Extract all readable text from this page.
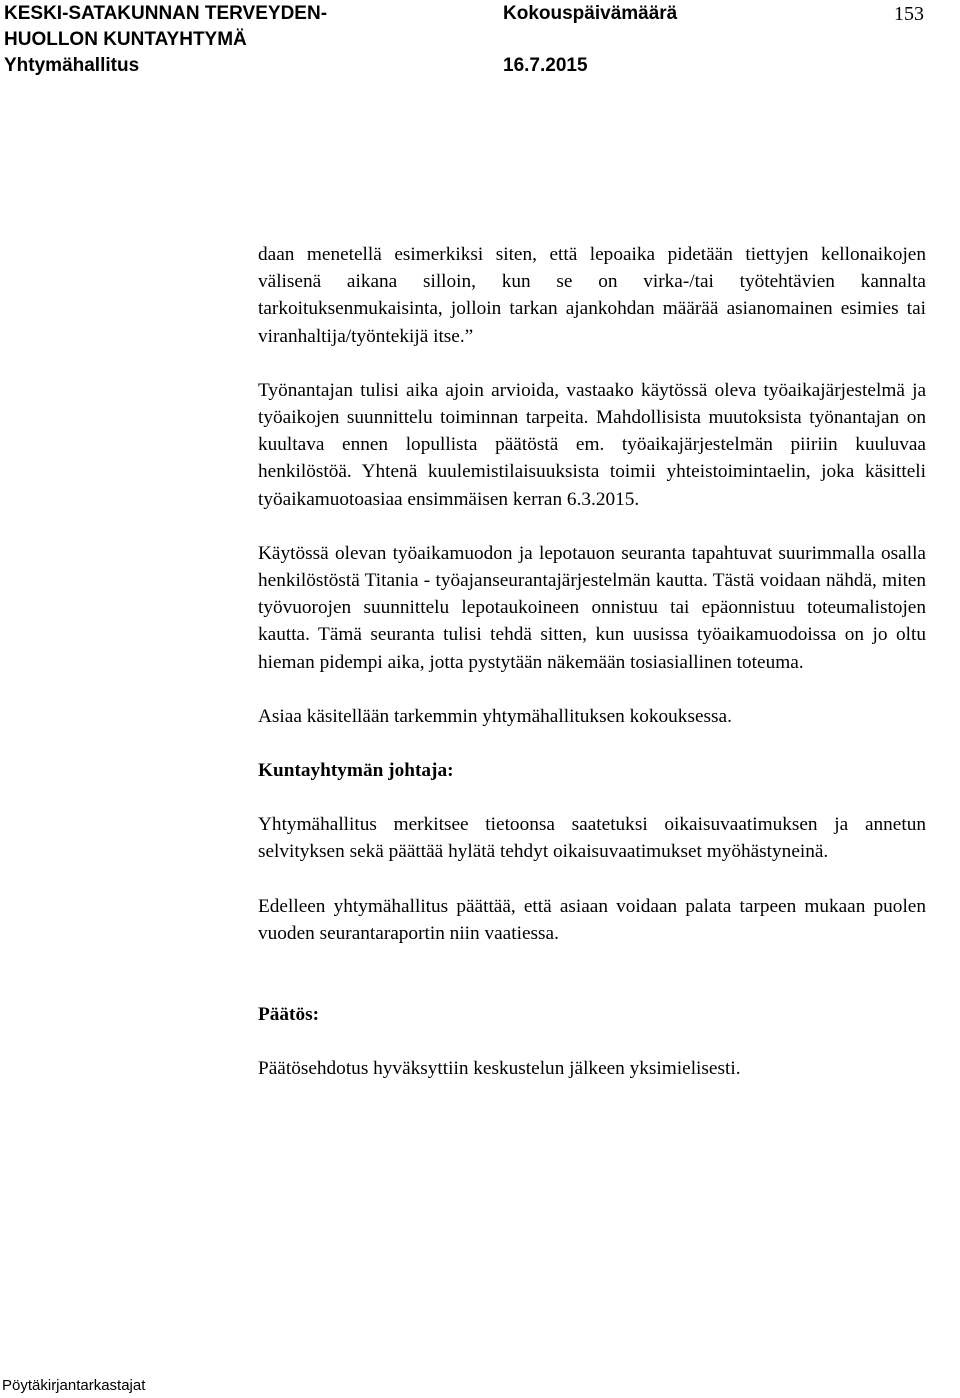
KESKI-SATAKUNNAN TERVEYDEN-
HUOLLON KUNTAYHTYMÄ
Yhtymähallitus
Kokouspäivämäärä
16.7.2015
153

daan menetellä esimerkiksi siten, että lepoaika pidetään tiettyjen kellonaikojen välisenä aikana silloin, kun se on virka-/tai työtehtävien kannalta tarkoituksenmukaisinta, jolloin tarkan ajankohdan määrää asianomainen esimies tai viranhaltija/työntekijä itse.”

Työnantajan tulisi aika ajoin arvioida, vastaako käytössä oleva työaikajärjestelmä ja työaikojen suunnittelu toiminnan tarpeita. Mahdollisista muutoksista työnantajan on kuultava ennen lopullista päätöstä em. työaikajärjestelmän piiriin kuuluvaa henkilöstöä. Yhtenä kuulemistilaisuuksista toimii yhteistoimintaelin, joka käsitteli työaikamuotoasiaa ensimmäisen kerran 6.3.2015.

Käytössä olevan työaikamuodon ja lepotauon seuranta tapahtuvat suurimmalla osalla henkilöstöstä Titania - työajanseurantajärjestelmän kautta. Tästä voidaan nähdä, miten työvuorojen suunnittelu lepotaukoineen onnistuu tai epäonnistuu toteumalistojen kautta. Tämä seuranta tulisi tehdä sitten, kun uusissa työaikamuodoissa on jo oltu hieman pidempi aika, jotta pystytään näkemään tosiasiallinen toteuma.

Asiaa käsitellään tarkemmin yhtymähallituksen kokouksessa.

Kuntayhtymän johtaja:

Yhtymähallitus merkitsee tietoonsa saatetuksi oikaisuvaatimuksen ja annetun selvityksen sekä päättää hylätä tehdyt oikaisuvaatimukset myöhästyneinä.

Edelleen yhtymähallitus päättää, että asiaan voidaan palata tarpeen mukaan puolen vuoden seurantaraportin niin vaatiessa.

Päätös:

Päätösehdotus hyväksyttiin keskustelun jälkeen yksimielisesti.

Pöytäkirjantarkastajat
